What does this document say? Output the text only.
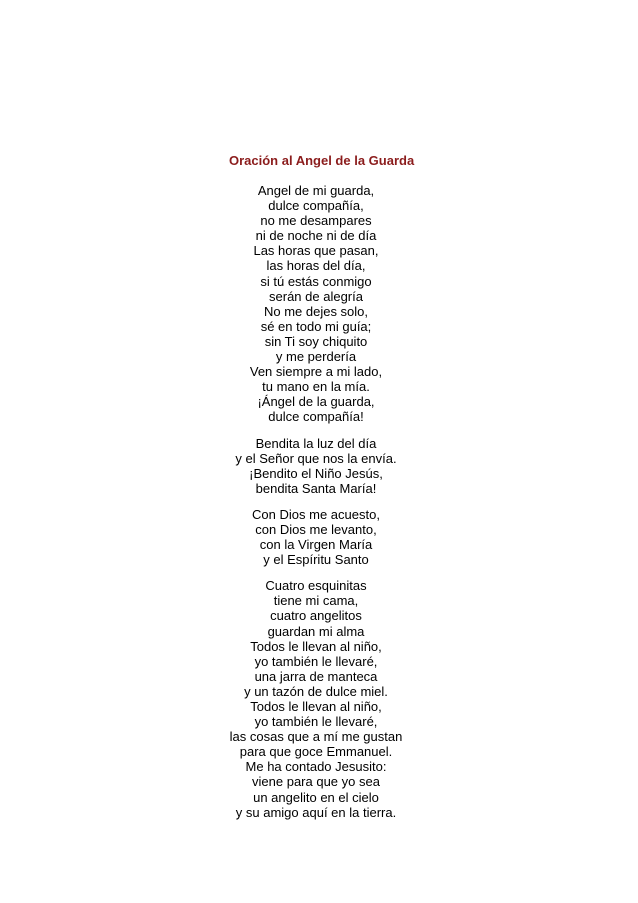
Oración al Angel de la Guarda
Angel de mi guarda,
dulce compañía,
no me desampares
ni de noche ni de día
Las horas que pasan,
las horas del día,
si tú estás conmigo
serán de alegría
No me dejes solo,
sé en todo mi guía;
sin Ti soy chiquito
y me perdería
Ven siempre a mi lado,
tu mano en la mía.
¡Ángel de la guarda,
dulce compañía!
Bendita la luz del día
y el Señor que nos la envía.
¡Bendito el Niño Jesús,
bendita Santa María!
Con Dios me acuesto,
con Dios me levanto,
con la Virgen María
y el Espíritu Santo
Cuatro esquinitas
tiene mi cama,
cuatro angelitos
guardan mi alma
Todos le llevan al niño,
yo también le llevaré,
una jarra de manteca
y un tazón de dulce miel.
Todos le llevan al niño,
yo también le llevaré,
las cosas que a mí me gustan
para que goce Emmanuel.
Me ha contado Jesusito:
viene para que yo sea
un angelito en el cielo
y su amigo aquí en la tierra.
